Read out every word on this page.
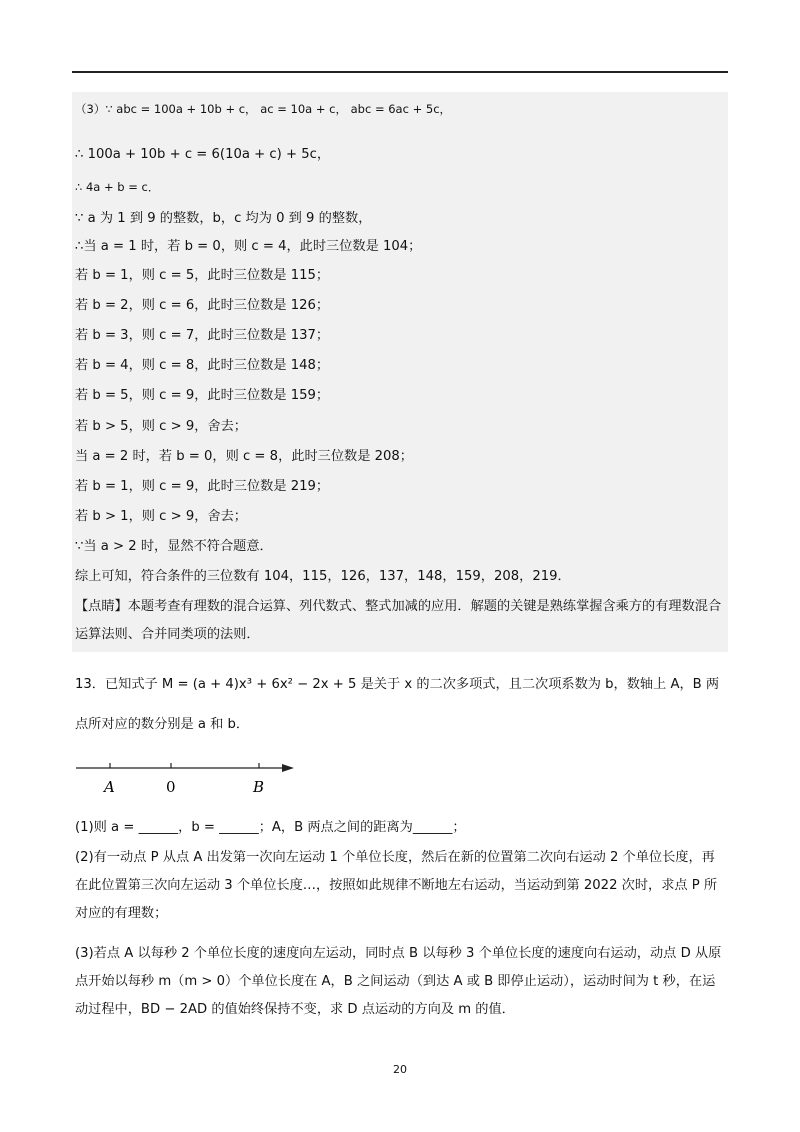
（3）∵ abc = 100a + 10b + c， ac = 10a + c， abc = 6ac + 5c，
∴ 100a + 10b + c = 6(10a + c) + 5c，
∴ 4a + b = c．
∵ a 为 1 到 9 的整数，b，c 均为 0 到 9 的整数，
∴当 a = 1 时，若 b = 0，则 c = 4，此时三位数是 104；
若 b = 1，则 c = 5，此时三位数是 115；
若 b = 2，则 c = 6，此时三位数是 126；
若 b = 3，则 c = 7，此时三位数是 137；
若 b = 4，则 c = 8，此时三位数是 148；
若 b = 5，则 c = 9，此时三位数是 159；
若 b > 5，则 c > 9，舍去；
当 a = 2 时，若 b = 0，则 c = 8，此时三位数是 208；
若 b = 1，则 c = 9，此时三位数是 219；
若 b > 1，则 c > 9，舍去；
∵当 a > 2 时，显然不符合题意．
综上可知，符合条件的三位数有 104，115，126，137，148，159，208，219．
【点睛】本题考查有理数的混合运算、列代数式、整式加减的应用．解题的关键是熟练掌握含乘方的有理数混合运算法则、合并同类项的法则．
13．已知式子 M = (a + 4)x³ + 6x² − 2x + 5 是关于 x 的二次多项式，且二次项系数为 b，数轴上 A，B 两点所对应的数分别是 a 和 b．
A	0	B
(1)则 a = ______，b = ______；A，B 两点之间的距离为______；
(2)有一动点 P 从点 A 出发第一次向左运动 1 个单位长度，然后在新的位置第二次向右运动 2 个单位长度，再在此位置第三次向左运动 3 个单位长度…，按照如此规律不断地左右运动，当运动到第 2022 次时，求点 P 所对应的有理数；
(3)若点 A 以每秒 2 个单位长度的速度向左运动，同时点 B 以每秒 3 个单位长度的速度向右运动，动点 D 从原点开始以每秒 m（m > 0）个单位长度在 A，B 之间运动（到达 A 或 B 即停止运动），运动时间为 t 秒，在运动过程中，BD − 2AD 的值始终保持不变，求 D 点运动的方向及 m 的值．
20
